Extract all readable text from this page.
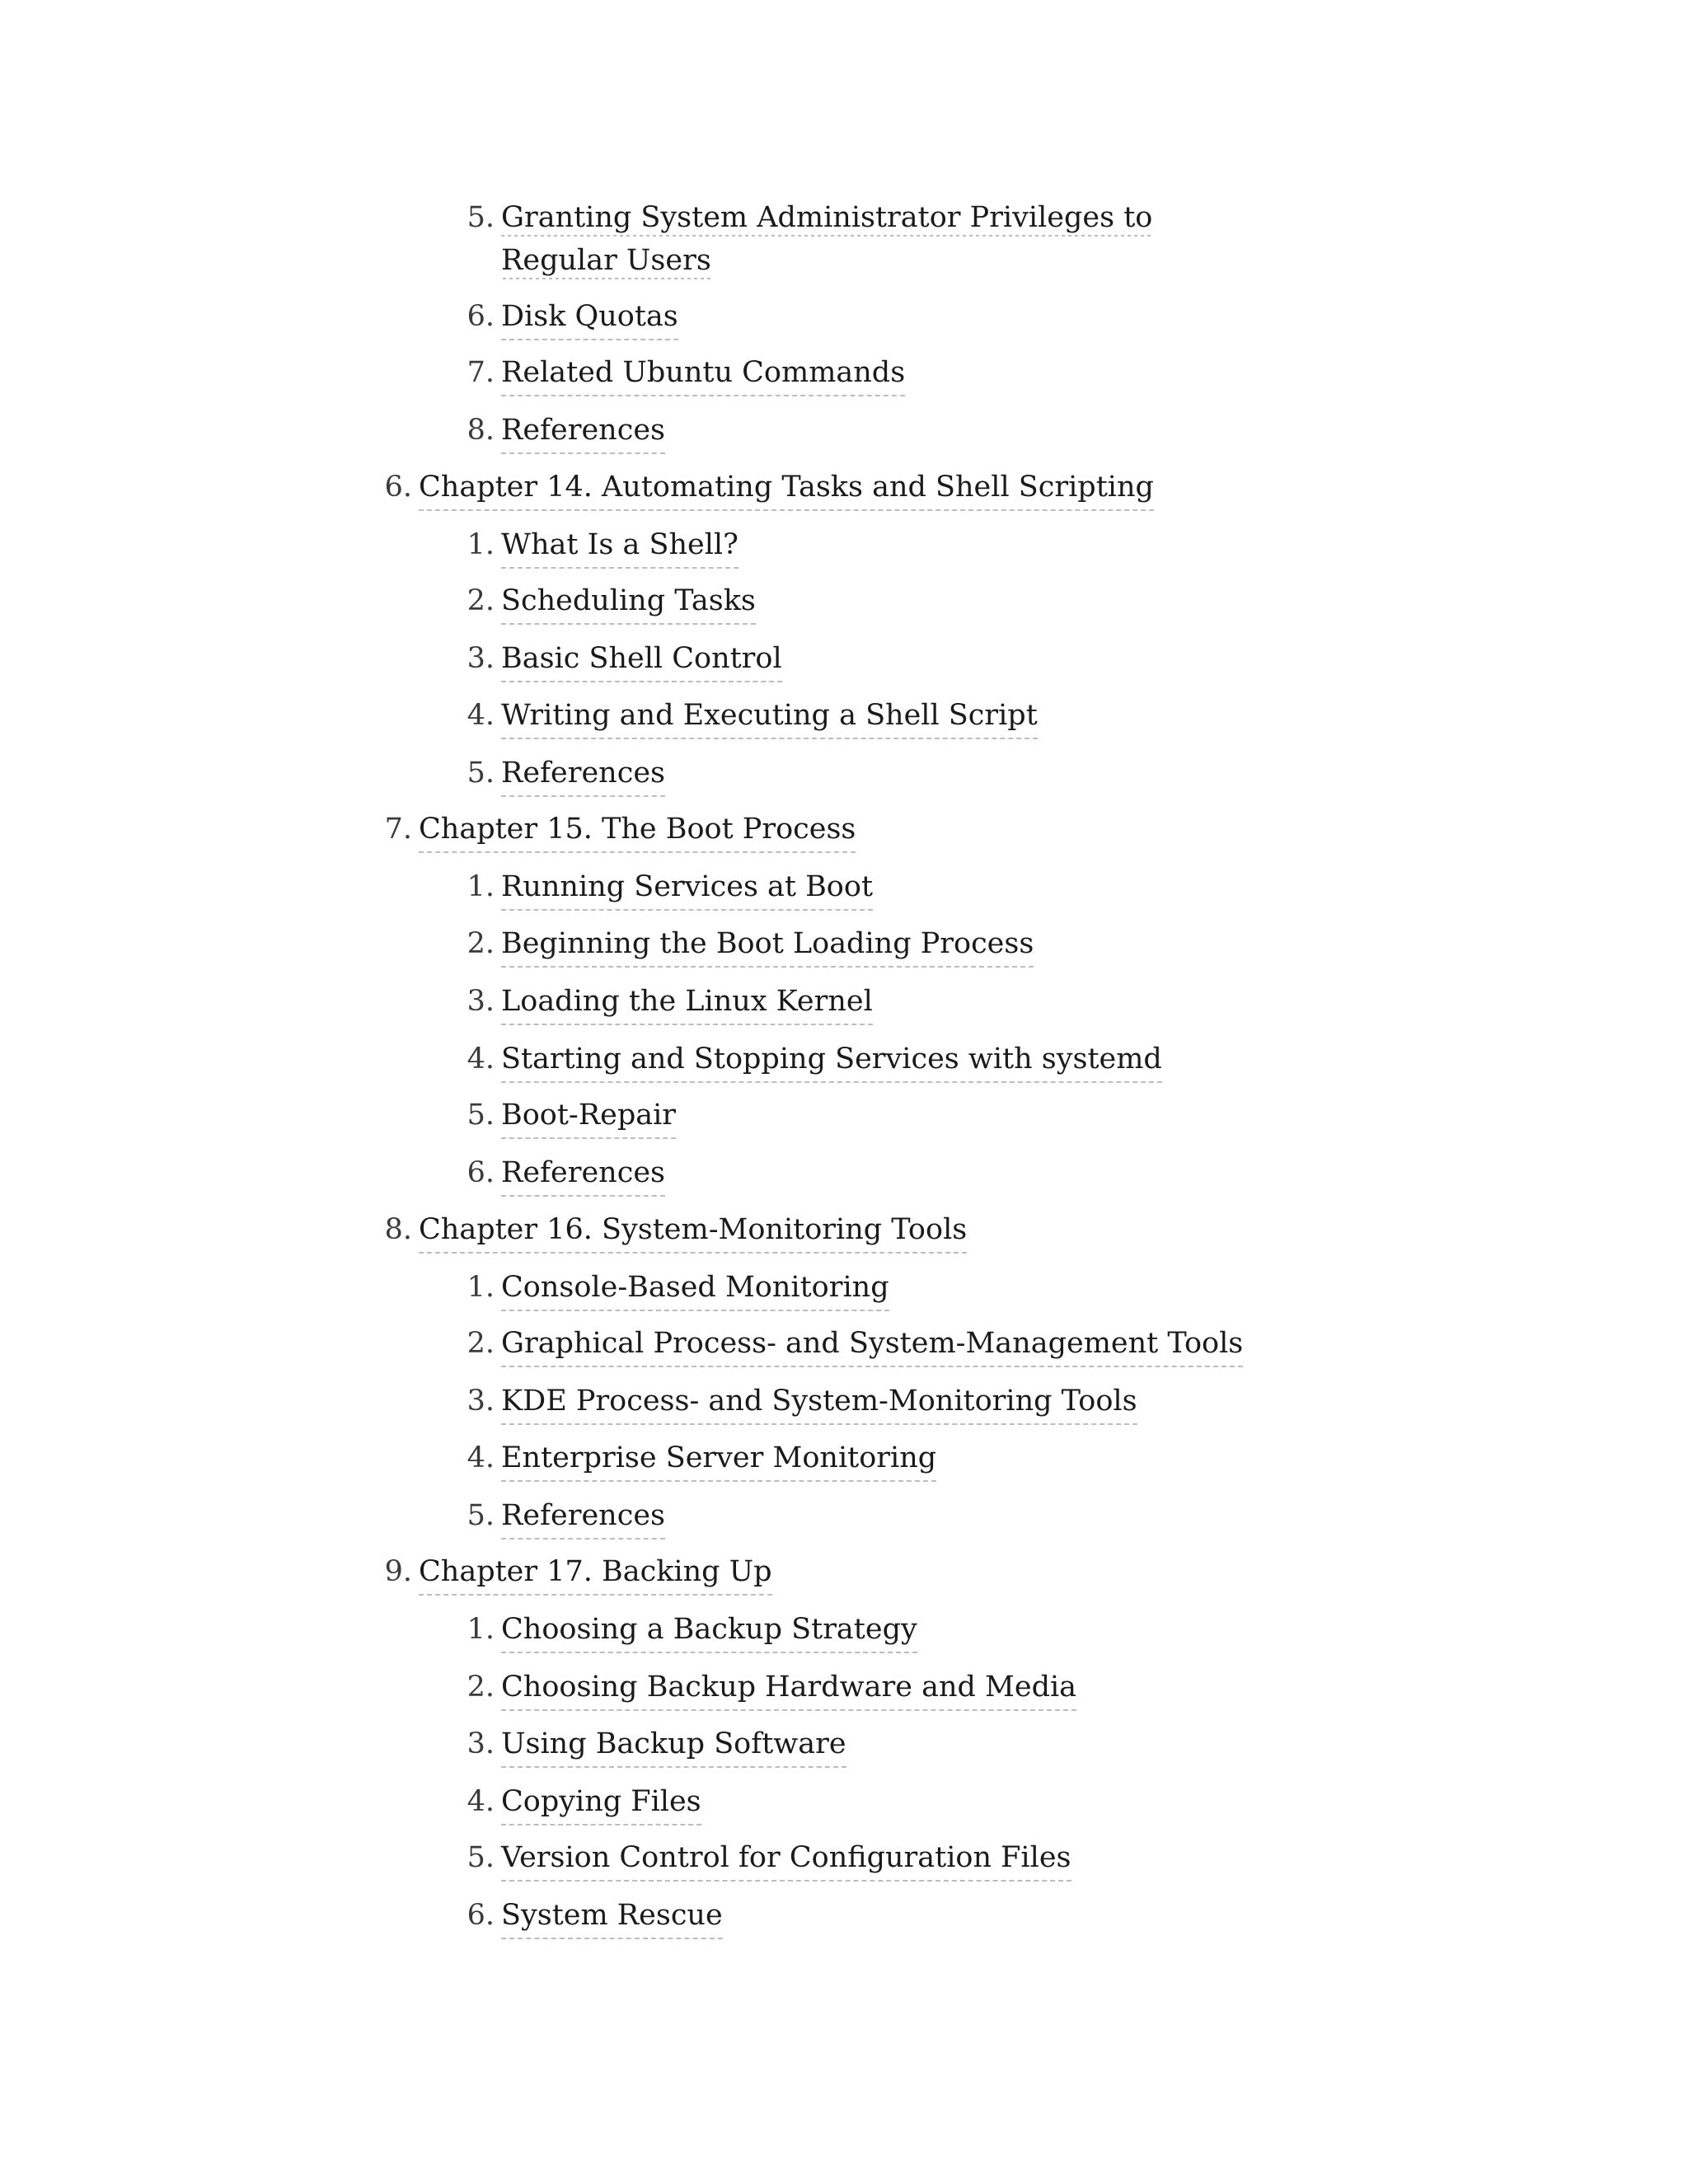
5. Granting System Administrator Privileges to Regular Users
6. Disk Quotas
7. Related Ubuntu Commands
8. References
6. Chapter 14. Automating Tasks and Shell Scripting
1. What Is a Shell?
2. Scheduling Tasks
3. Basic Shell Control
4. Writing and Executing a Shell Script
5. References
7. Chapter 15. The Boot Process
1. Running Services at Boot
2. Beginning the Boot Loading Process
3. Loading the Linux Kernel
4. Starting and Stopping Services with systemd
5. Boot-Repair
6. References
8. Chapter 16. System-Monitoring Tools
1. Console-Based Monitoring
2. Graphical Process- and System-Management Tools
3. KDE Process- and System-Monitoring Tools
4. Enterprise Server Monitoring
5. References
9. Chapter 17. Backing Up
1. Choosing a Backup Strategy
2. Choosing Backup Hardware and Media
3. Using Backup Software
4. Copying Files
5. Version Control for Configuration Files
6. System Rescue
